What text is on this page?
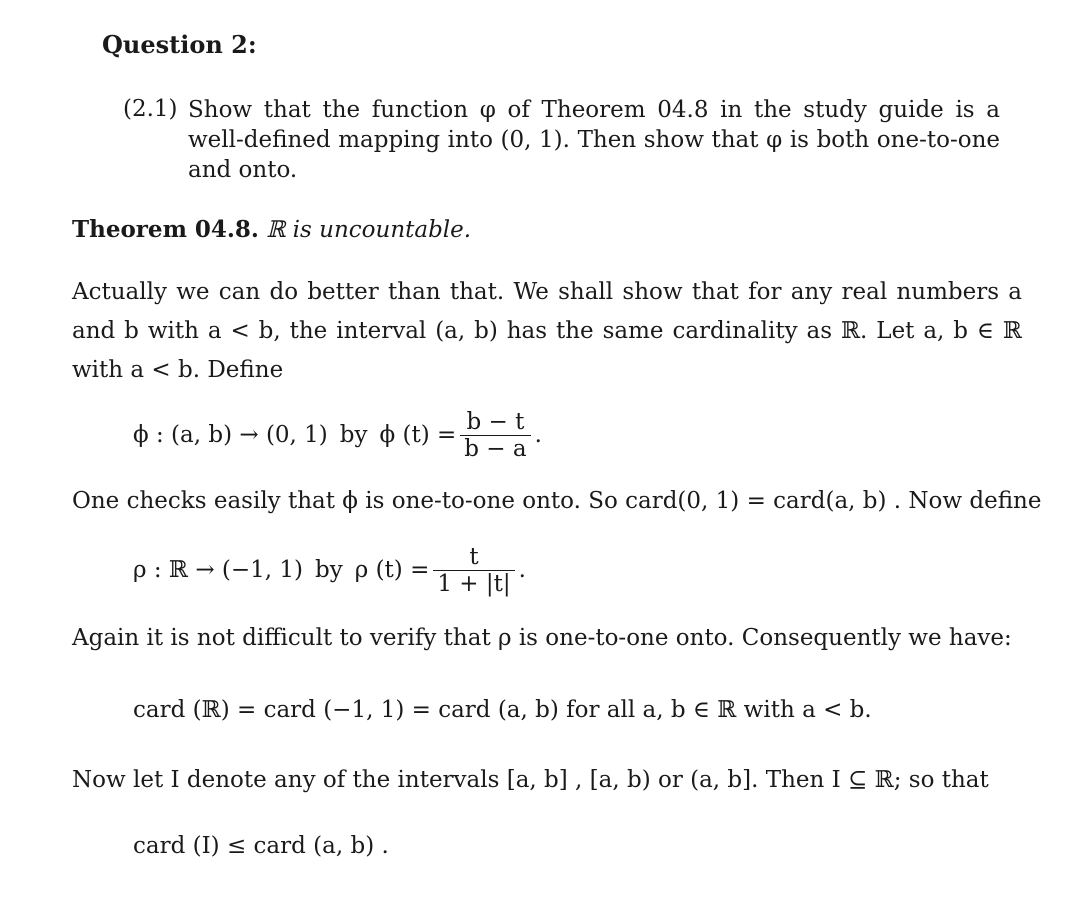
Question 2:
(2.1) Show that the function φ of Theorem 04.8 in the study guide is a well-defined mapping into (0, 1). Then show that φ is both one-to-one and onto.
Theorem 04.8. ℝ is uncountable.
Actually we can do better than that. We shall show that for any real numbers a and b with a < b, the interval (a, b) has the same cardinality as ℝ. Let a, b ∈ ℝ with a < b. Define
ϕ : (a, b) → (0, 1) by ϕ $(t) = \frac{b - t}{b - a}$ .
One checks easily that ϕ is one-to-one onto. So card(0, 1) = card(a, b) . Now define
ρ : ℝ → (−1, 1) by ρ $(t) = \frac{t}{1 + |t|}$ .
Again it is not difficult to verify that ρ is one-to-one onto. Consequently we have:
card (ℝ) = card (−1, 1) = card (a, b) for all a, b ∈ ℝ with a < b.
Now let I denote any of the intervals [a, b] , [a, b) or (a, b]. Then I ⊆ ℝ; so that
card (I) ≤ card (a, b) .
